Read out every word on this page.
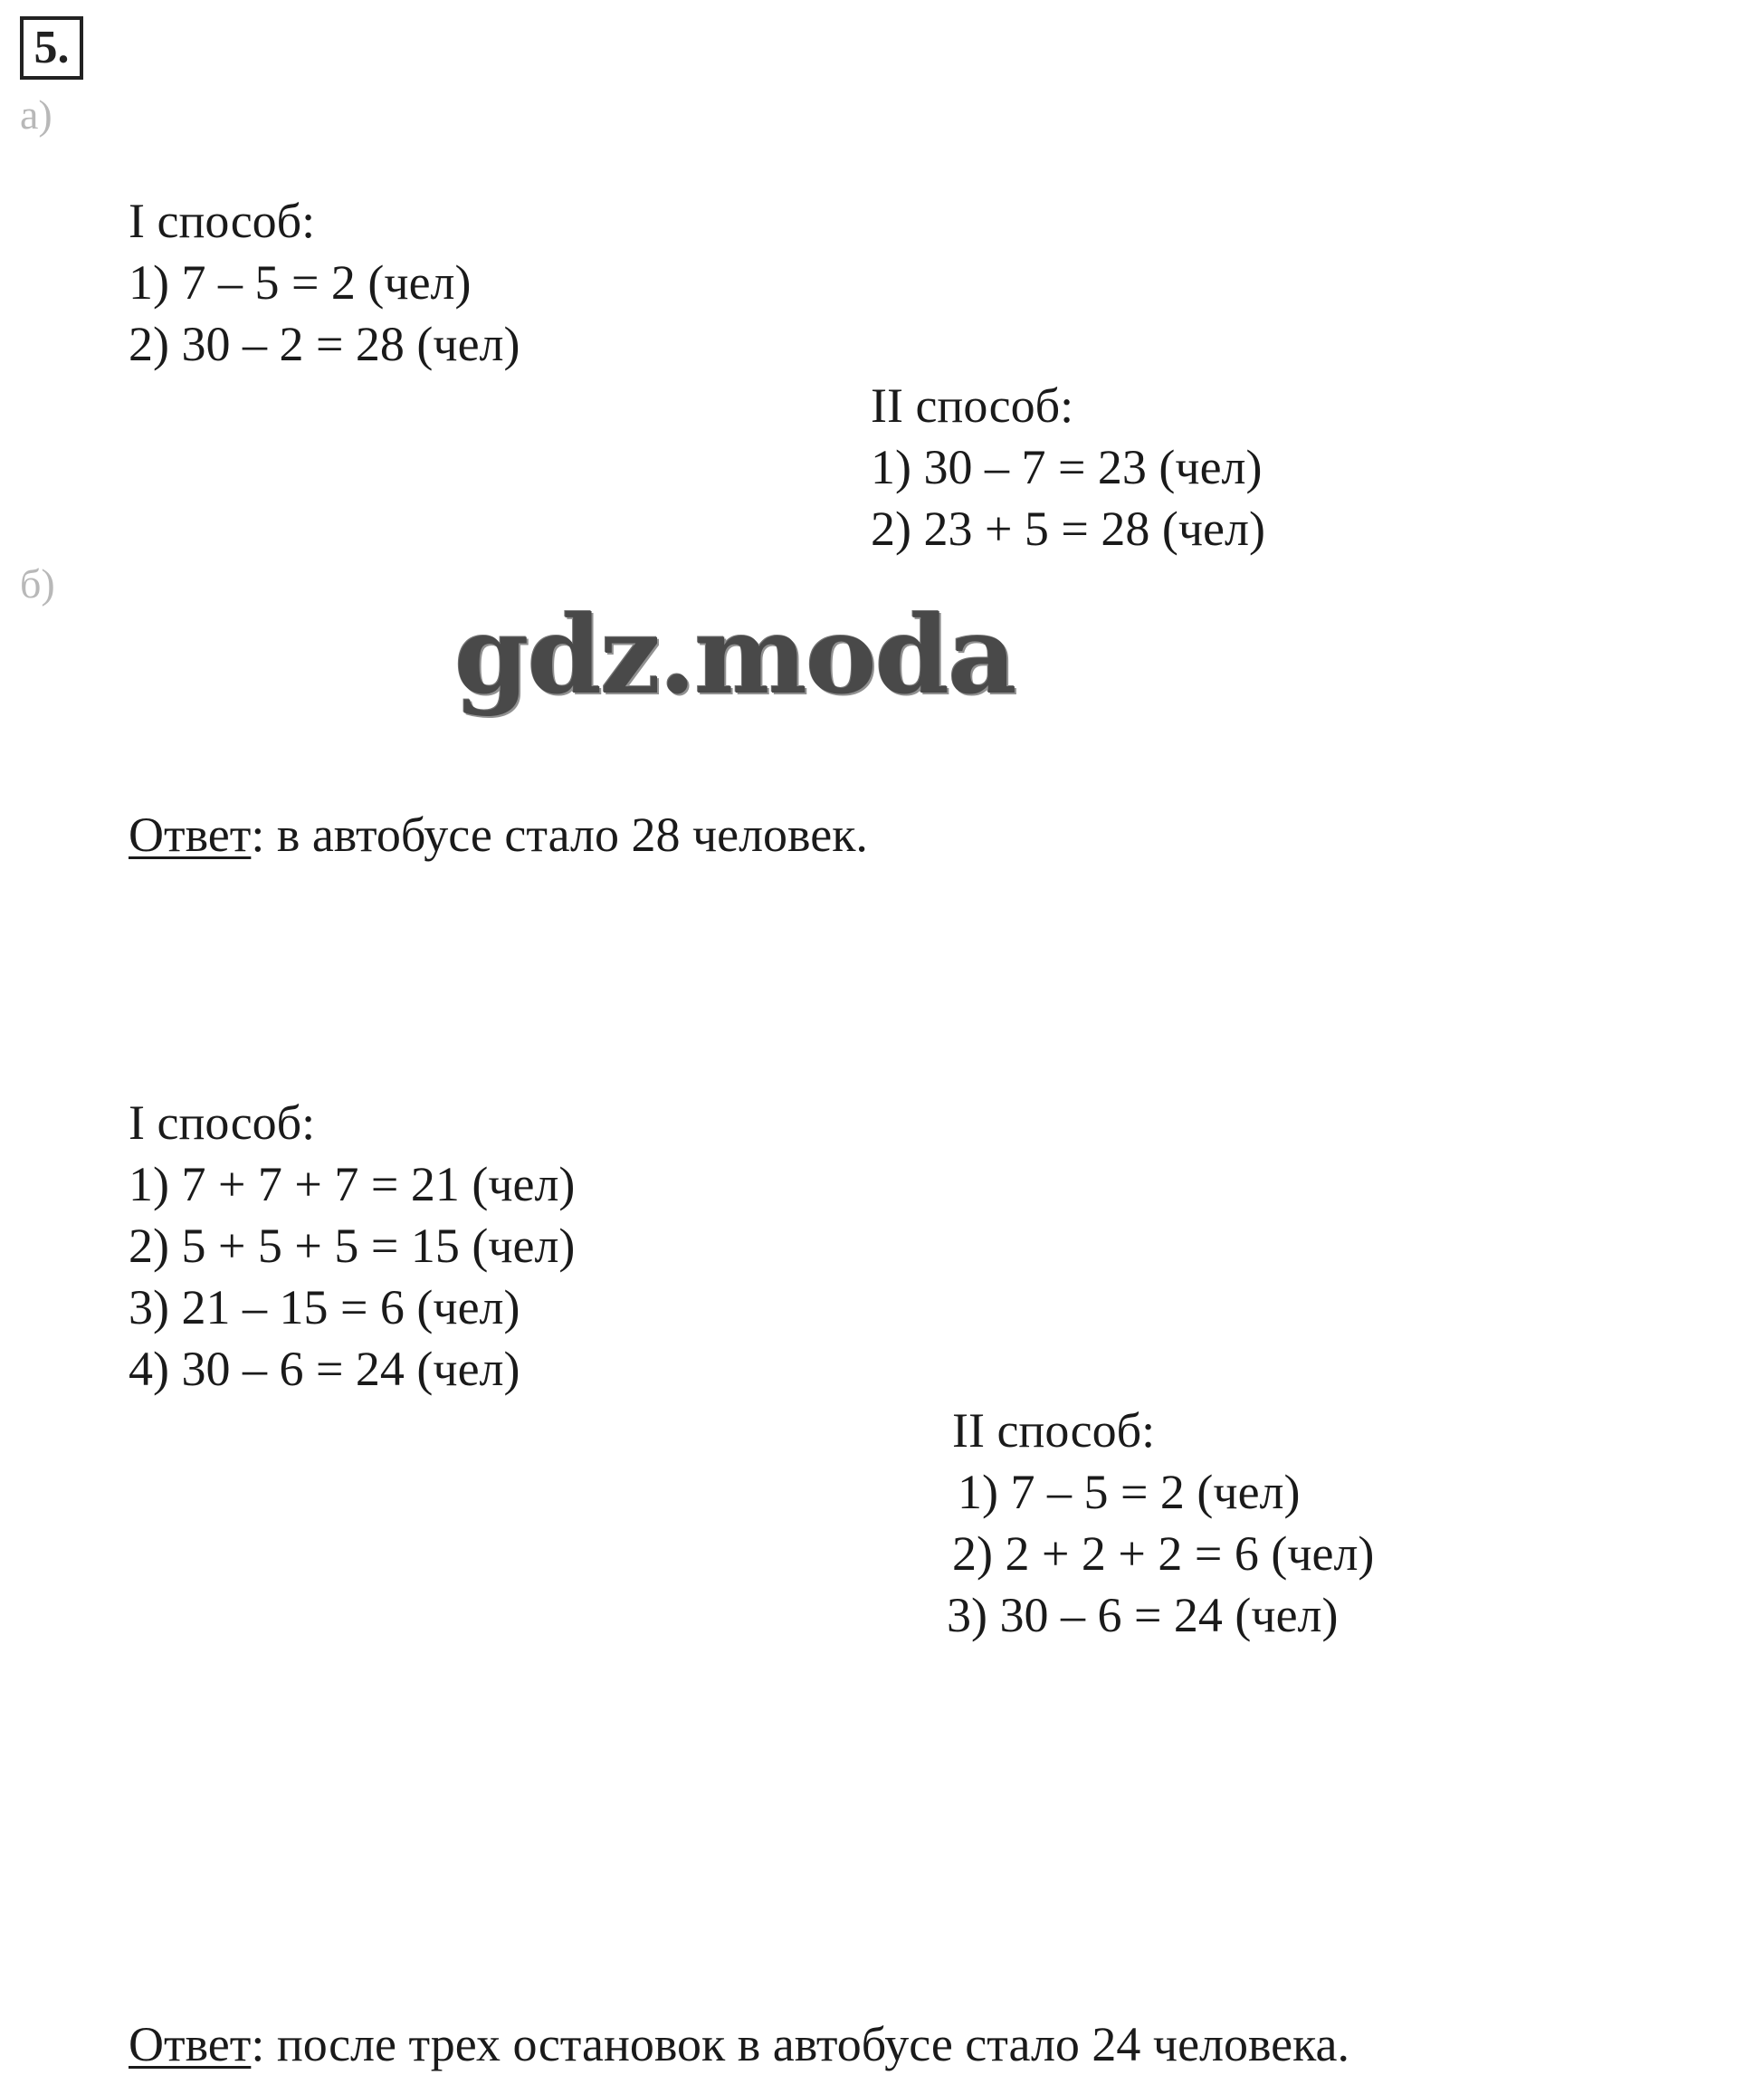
5.
а)
I способ:
1) 7 – 5 = 2 (чел)
2) 30 – 2 = 28 (чел)
II способ:
1) 30 – 7 = 23 (чел)
2) 23 + 5 = 28 (чел)
Ответ: в автобусе стало 28 человек.
б)
I способ:
1) 7 + 7 + 7 = 21 (чел)
2) 5 + 5 + 5 = 15 (чел)
3) 21 – 15 = 6 (чел)
4) 30 – 6 = 24 (чел)
II способ:
1) 7 – 5 = 2 (чел)
2) 2 + 2 + 2 = 6 (чел)
3) 30 – 6 = 24 (чел)
Ответ: после трех остановок в автобусе стало 24 человека.
gdz.moda
